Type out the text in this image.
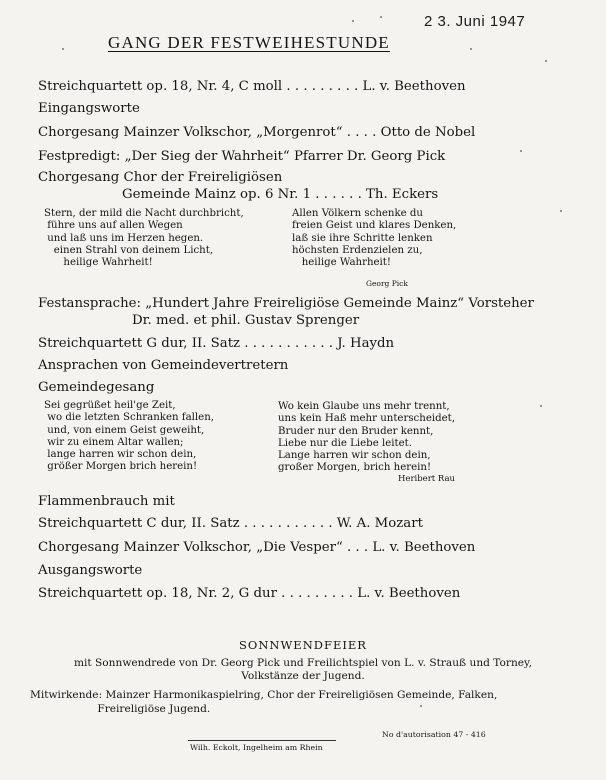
2 3. Juni 1947
GANG DER FESTWEIHESTUNDE
Streichquartett op. 18, Nr. 4, C moll . . . . . . . . . L. v. Beethoven
Eingangsworte
Chorgesang Mainzer Volkschor, „Morgenrot“ . . . . Otto de Nobel
Festpredigt: „Der Sieg der Wahrheit“ Pfarrer Dr. Georg Pick
Chorgesang Chor der Freireligiösen
Gemeinde Mainz op. 6 Nr. 1 . . . . . . Th. Eckers
Stern, der mild die Nacht durchbricht,
führe uns auf allen Wegen
und laß uns im Herzen hegen.
einen Strahl von deinem Licht,
heilige Wahrheit!
Allen Völkern schenke du
freien Geist und klares Denken,
laß sie ihre Schritte lenken
höchsten Erdenzielen zu,
heilige Wahrheit!
Georg Pick
Festansprache: „Hundert Jahre Freireligiöse Gemeinde Mainz“ Vorsteher
Dr. med. et phil. Gustav Sprenger
Streichquartett G dur, II. Satz . . . . . . . . . . . J. Haydn
Ansprachen von Gemeindevertretern
Gemeindegesang
Sei gegrüßet heil'ge Zeit,
wo die letzten Schranken fallen,
und, von einem Geist geweiht,
wir zu einem Altar wallen;
lange harren wir schon dein,
größer Morgen brich herein!
Wo kein Glaube uns mehr trennt,
uns kein Haß mehr unterscheidet,
Bruder nur den Bruder kennt,
Liebe nur die Liebe leitet.
Lange harren wir schon dein,
großer Morgen, brich herein!
Heribert Rau
Flammenbrauch mit
Streichquartett C dur, II. Satz . . . . . . . . . . . W. A. Mozart
Chorgesang Mainzer Volkschor, „Die Vesper“ . . . L. v. Beethoven
Ausgangsworte
Streichquartett op. 18, Nr. 2, G dur . . . . . . . . . L. v. Beethoven
SONNWENDFEIER
mit Sonnwendrede von Dr. Georg Pick und Freilichtspiel von L. v. Strauß und Torney,
Volkstänze der Jugend.
Mitwirkende: Mainzer Harmonikaspielring, Chor der Freireligiösen Gemeinde, Falken,
Freireligiöse Jugend.
No d'autorisation 47 - 416
Wilh. Eckolt, Ingelheim am Rhein
